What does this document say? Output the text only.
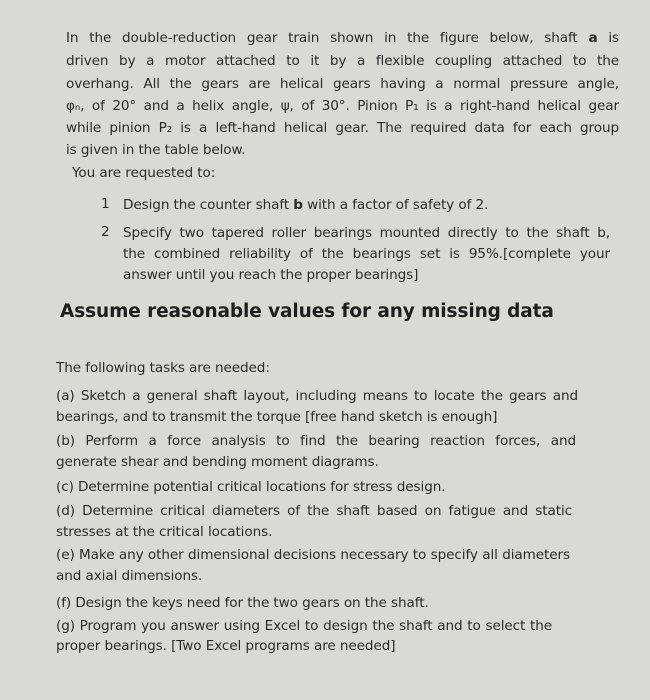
In the double-reduction gear train shown in the figure below, shaft a is
driven by a motor attached to it by a flexible coupling attached to the
overhang. All the gears are helical gears having a normal pressure angle,
φₙ, of 20° and a helix angle, ψ, of 30°. Pinion P₁ is a right-hand helical gear
while pinion P₂ is a left-hand helical gear. The required data for each group
is given in the table below.
You are requested to:
1 Design the counter shaft b with a factor of safety of 2.
2 Specify two tapered roller bearings mounted directly to the shaft b,
the combined reliability of the bearings set is 95%.[complete your
answer until you reach the proper bearings]
Assume reasonable values for any missing data
The following tasks are needed:
(a) Sketch a general shaft layout, including means to locate the gears and
bearings, and to transmit the torque [free hand sketch is enough]
(b) Perform a force analysis to find the bearing reaction forces, and
generate shear and bending moment diagrams.
(c) Determine potential critical locations for stress design.
(d) Determine critical diameters of the shaft based on fatigue and static
stresses at the critical locations.
(e) Make any other dimensional decisions necessary to specify all diameters
and axial dimensions.
(f) Design the keys need for the two gears on the shaft.
(g) Program you answer using Excel to design the shaft and to select the
proper bearings. [Two Excel programs are needed]
